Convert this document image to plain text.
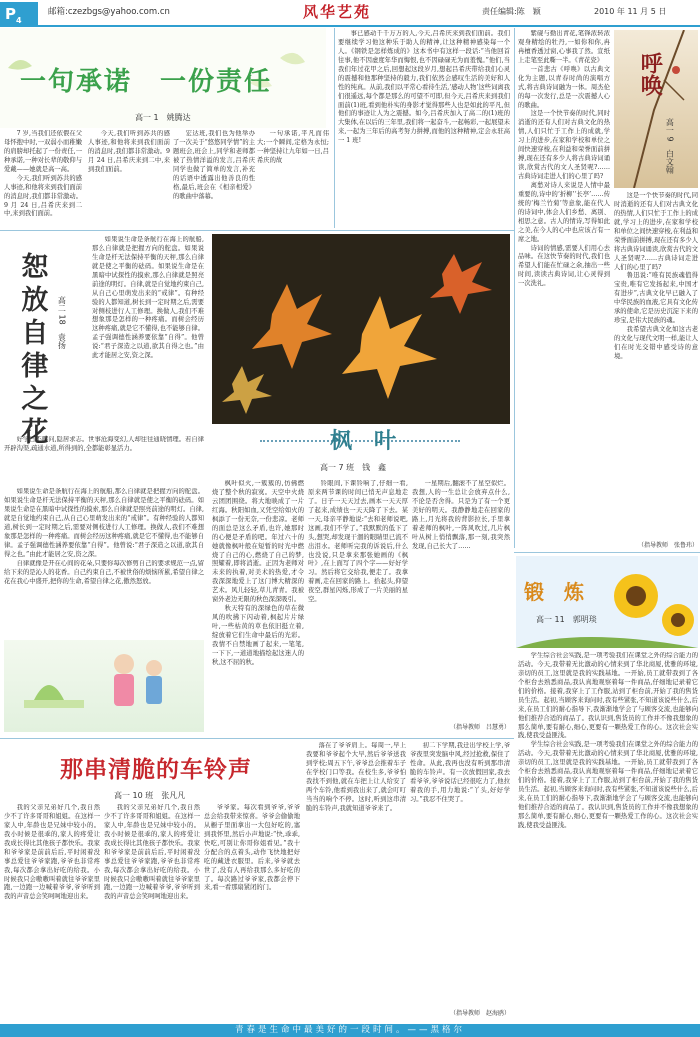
$P_4$
邮箱:czezbgs@yahoo.com.cn	风华艺苑	责任编辑:陈　颖	2010 年 11 月 5 日
一句承诺　一份责任
高一 1　姚腾达

7 岁,当我们还依偎在父母怀抱中时,一双弱小而稚嫩的肩膀却托起了一份责任,一种承诺,一种对长辈的敬仰与爱戴——她就是高一高。

今天,我们听到苏共的感人事迹,和他将来到我们面前的消息时,我们都非常激动。9 月 24 日,吕希庆来到二中,来到我们面前。

宏达班,我们也为他举办了一次关于“悠悠同学情”的主题班会,班会上,同学和老师都被了热情洋溢的发言,吕希庆同学也做了简单的发言,补充的话语中透露出他善良的性格,最后,班会在《相亲相爱》的歌曲中落幕。

一句承诺,平凡而伟大;一个瞬间,定格为永恒;一种坚持让九年如一日,吕希庆的故

今天,我们听到苏共的感人事迹,和他将来到我们面前的消息时,我们都非常激动。9 月 24 日,吕希庆来到二中,来到我们面前。

事已感动千千万万的人,今天,吕希庆来到我们面前。我们要继续学习他这种乐于助人的精神,让这种精神感染每一个人。《钢铁是怎样炼成的》这本书中有这样一段话:“当他回首往事,他不因虚度年华而悔恨,也不因碌碌无为而羞愧。”他们,当我们年过花甲之后,回想起这段岁月,想起吕希庆带给我们心灵的震撼和他那种坚持的毅力,我们依然会感叹生活的美好和人性的纯真。从前,我们以平常心看待生活,‘感动人物’这些词离我们很遥远,每个都是那么的可望不可即,但今天,吕希庆来到我们面前(1)班,看到他朴实的身影才觉得那些人也是如此的平凡,但他们的事迹让人为之震撼。如今,吕希庆加入了高二的(1)班的大集体,在以后的三年里,我们将一起奋斗,一起畅彩,一起展望未来,一起为三年后的高考努力拼搏,而他的这种精神,定会永驻高一 1 班!

紫砚与勤出青花,笔锋浓转浓观身精绘的牡丹,一如你和你,冉冉檀香透过窗,心事我了然。宣纸上走笔至此嘶一半。《青花瓷》

一首悲古《呼唤》以古典文化为主题,以青春时尚的演唱方式,将古典诗词融为一体。周杰伦的每一次发行,总是一次震撼人心的歌曲。

这是一个快节奏的时代,同时消逝的还有人们对古典文化的热情,人们只忙于工作上的成就,学习上的进步,在家和学校和单位之间快速穿梭,在利益和荣誉面前拼搏,现在还有多少人将古典诗词诵读,欣赏古代的文人圣贤呢?……古典诗词走进人们的心里了吗?

离愁对诗人来说是人情中最重要的,诗中的‘折柳’‘长亭’……传统的‘梅兰竹菊’等意象,能在代人的诗词中,体会人们乡愁、离别、相思之意。古人的情诗,写得如此之美,在今人的心中也应该占有一席之地。

诗词的情感,需要人们用心去品味。在这快节奏的时代,我们也希望人们能在忙碌之余,抽出一些时间,读读古典诗词,让心灵得到一次洗礼。

呼唤
高一 9　白文翰

这是一个快节奏的时代,同时消逝的还有人们对古典文化的热情,人们只忙于工作上的成就,学习上的进步,在家和学校和单位之间快速穿梭,在利益和荣誉面前拼搏,现在还有多少人将古典诗词诵读,欣赏古代的文人圣贤呢?……古典诗词走进人们的心里了吗?

鲁迅说:“唯有民族魂值得宝贵,唯有它发扬起来,中国才有进步”,古典文化早已融入了中华民族的血液,它具有文化传承的使命,它是历史沉淀下来的珍宝,是伟大民族的魂。

我希望古典文化如这古老的文化与现代文明一样,能让人们在时光交错中感受诗的意境。

（指导教师　张鲁玮）
恕放自律之花
高二 18　袁扬

如果说生命是条航行在海上的航船,那么自律就是把握方向的舵盘。如果说生命是杆无法保持平衡的天秤,那么自律就是使之平衡的砝码。如果说生命是在黑暗中试探性的摸索,那么自律就是照亮前途的明灯。自律,就是自觉地约束自己,从自己心里萌发出来的“戒律”。有种经验的人都知道,树长到一定时期之后,需要对侧枝进行人工修理。换做人,我们不难想象那是怎样的一种疼痛。而树会经历这种疼痛,就是它不懂得,也不能够自律。孟子强调德性涵养要依靠“自得”。他曾说:“君子深造之以道,欲其自得之也。”由此才能居之安,资之深。

好学日不暇问,隐居求志。世事沧海变幻,人却往往通晓情理。若自律开辟沟渠,疏通水道,所得到的,全都能彰显活力。

自律就像是开在心间的花朵,只要你每次修剪自己的要求规范一点,留给下来的是沁人的花香。自己约束自己,不被世俗的烦恼所累,希望自律之花在我心中盛开,把你的生命,希望自律之花,傲然怒放。

如果说生命是条航行在海上的航船,那么自律就是把握方向的舵盘。如果说生命是杆无法保持平衡的天秤,那么自律就是使之平衡的砝码。如果说生命是在黑暗中试探性的摸索,那么自律就是照亮前途的明灯。自律,就是自觉地约束自己,从自己心里萌发出来的“戒律”。有种经验的人都知道,树长到一定时期之后,需要对侧枝进行人工修理。换做人,我们不难想象那是怎样的一种疼痛。而树会经历这种疼痛,就是它不懂得,也不能够自律。孟子强调德性涵养要依靠“自得”。他曾说:“君子深造之以道,欲其自得之也。”由此才能居之安,资之深。

枫　叶
高一 7 班　钱　鑫

枫叶似火,一簇簇的,仿佛燃烧了整个秋的寂寞。天空中火烧云团团围绕。将大地映成了一片红海。秋阳如血,又凭空给如火的枫添了一份无奈,一份悲凉。老师的面总是这么矛盾,也许,她那时的心便是矛盾的吧。年过六十的她就像枫叶般在短暂的时光中燃烧了自己的心,燃烧了自己的梦,照耀着,即将消逝。正因为老师对未来的执着,对美术的热爱,才令我深深地爱上了这门博大精深的艺术。风儿轻轻,草儿青青。我被窗外老边无限的秋色深深吸引。

秋天特有的深绿色的草在微风的吹拂下闪动着,枫起片片绿叶,一些枯黄的草也依旧挺立着,绽放着它们生命中最后的光彩。我情不自禁地画了起来,一笔笔,一下下,一道道地描绘起这迷人的秋,这不屈的秋。

铃眼间,下课铃响了,仔细一看,原来两节课的时间已悄无声息地走了。日子一天天过去,画本一天天厚了起来,成绩也一天天降了下去。某一天,母亲平静地说:“去和老师说吧,这画,我们不学了。”我默默的低下了头,想哭,却发现干涸的眼睛里已流不出泪水。老师听完我的诉说后,什么也没说,只是拿来那张她画的《枫叶》,在上面写了四个字——好好学习。然后将它交给我,便走了。我拿着画,走在回家的路上。拾起头,仰望夜空,群星闪烁,形成了一片美丽的星空。

一星期后,翻滚不了星空似烂。我想,人的一生总让会放弃点什么,不论是否舍得。只是为了有一个更美好的明天。我静静地走在回家的路上,月光将我的背影拉长,手里拿着老师的枫叶,一阵风吹过,几片枫叶从树上悄悄飘落,那一刻,我突然发现,自己长大了……

（指导教师　吕慧勇）
锻　炼
高一 11　郭明琰

学生综合社会实践,是一项考验我们在课堂之外的综合能力的活动。今天,我带着无比激动的心情来到了华北商厦,优雅的环境,亲切的员工,这里就是我的实践基地。一开始,员工就带我到了各个柜台去熟悉商品,我认真地观察着每一件商品,仔细地记录着它们的价格。接着,我穿上了工作服,站到了柜台前,开始了我的售货员生活。起初,当顾客来询问时,我有些紧张,不知道该说些什么,后来,在员工们的耐心指导下,我渐渐地学会了与顾客交流,也能够向他们推荐合适的商品了。我认识到,售货员的工作并不像我想象的那么简单,要有耐心,细心,更要有一颗热爱工作的心。这次社会实践,使我受益匪浅。

学生综合社会实践,是一项考验我们在课堂之外的综合能力的活动。今天,我带着无比激动的心情来到了华北商厦,优雅的环境,亲切的员工,这里就是我的实践基地。一开始,员工就带我到了各个柜台去熟悉商品,我认真地观察着每一件商品,仔细地记录着它们的价格。接着,我穿上了工作服,站到了柜台前,开始了我的售货员生活。起初,当顾客来询问时,我有些紧张,不知道该说些什么,后来,在员工们的耐心指导下,我渐渐地学会了与顾客交流,也能够向他们推荐合适的商品了。我认识到,售货员的工作并不像我想象的那么简单,要有耐心,细心,更要有一颗热爱工作的心。这次社会实践,使我受益匪浅。

那串清脆的车铃声
高一 10 班　张凡凡

我的父亲兄弟好几个,我自然少不了许多哥哥和姐姐。在这样一家人中,年龄也是兄妹中较小的。我小时候是很乖的,家人的疼爱让我成长得比其他孩子都快乐。我家和爷爷家是前前后后,平时闲着没事总爱往爷爷家跑,爷爷也非常疼我,每次都会拿出好吃的给我。小时候我只会嗷嗷叫着就往爷爷家里跑,一边跑一边喊着爷爷,爷爷听到我的声音总会笑呵呵地迎出来。

我的父亲兄弟好几个,我自然少不了许多哥哥和姐姐。在这样一家人中,年龄也是兄妹中较小的。我小时候是很乖的,家人的疼爱让我成长得比其他孩子都快乐。我家和爷爷家是前前后后,平时闲着没事总爱往爷爷家跑,爷爷也非常疼我,每次都会拿出好吃的给我。小时候我只会嗷嗷叫着就往爷爷家里跑,一边跑一边喊着爷爷,爷爷听到我的声音总会笑呵呵地迎出来。

爷爷家。每次看到爷爷,爷爷总会给我带来惊喜。爷爷会偷偷地从橱子里面拿出一大包好吃的,塞到我怀里,然后小声地说:“快,乖乖,快吃,可别让你哥你姐看见。”我十分配合的点着头,动作飞快地把好吃的藏进衣服里。后来,爷爷就去世了,没有人再给我那么多好吃的了。每次路过爷爷家,我都会停下来,看一看那扇紧闭的门。

落在了爷爷肩上。每周一,早上我要和爷爷起个大早,然后爷爷送我到学校;周五下午,爷爷总会推着车子在学校门口等我。在校生多,爷爷怕我找不到他,就在车把上让人给安了两个车铃,他看到我出来了,就会叮叮当当的响个不停。这时,听到这串清脆的车铃声,我就知道爷爷来了。

初二下学期,我迁出学校上学,爷爷夜里突发脑中风,经过抢救,保住了性命。从此,我再也没有听到那串清脆的车铃声。有一次放假回家,我去看爷爷,爷爷说话已经很吃力了,他拉着我的手,用力地说:“丫头,好好学习。”我忍不住哭了。

（指导教师　赵海鸥）
青春是生命中最美好的一段时间。——黑格尔
